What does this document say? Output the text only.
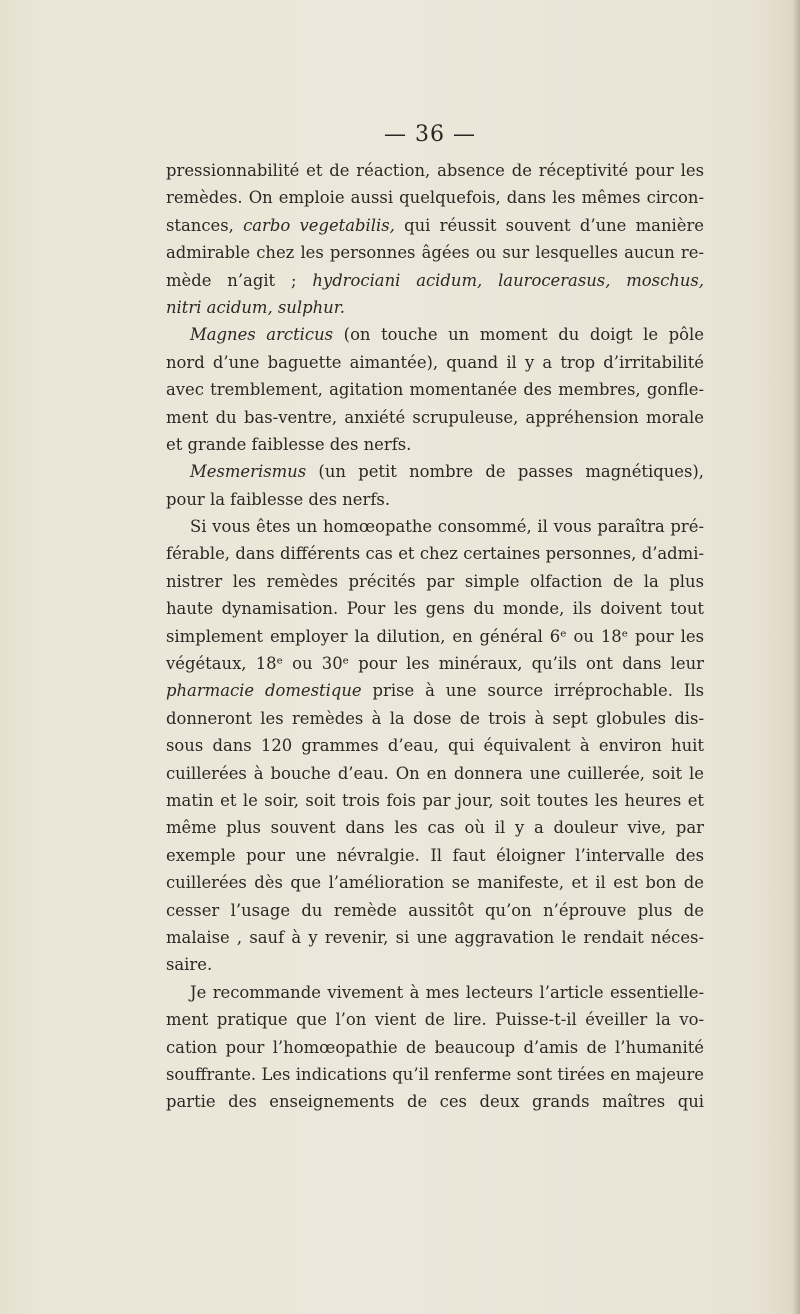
— 36 —
pressionnabilité et de réaction, absence de réceptivité pour les
remèdes. On emploie aussi quelquefois, dans les mêmes circon-
stances, carbo vegetabilis, qui réussit souvent d’une manière
admirable chez les personnes âgées ou sur lesquelles aucun re-
mède n’agit ; hydrociani acidum, laurocerasus, moschus,
nitri acidum, sulphur.
Magnes arcticus (on touche un moment du doigt le pôle
nord d’une baguette aimantée), quand il y a trop d’irritabilité
avec tremblement, agitation momentanée des membres, gonfle-
ment du bas-ventre, anxiété scrupuleuse, appréhension morale
et grande faiblesse des nerfs.
Mesmerismus (un petit nombre de passes magnétiques),
pour la faiblesse des nerfs.
Si vous êtes un homœopathe consommé, il vous paraîtra pré-
férable, dans différents cas et chez certaines personnes, d’admi-
nistrer les remèdes précités par simple olfaction de la plus
haute dynamisation. Pour les gens du monde, ils doivent tout
simplement employer la dilution, en général 6ᵉ ou 18ᵉ pour les
végétaux, 18ᵉ ou 30ᵉ pour les minéraux, qu’ils ont dans leur
pharmacie domestique prise à une source irréprochable. Ils
donneront les remèdes à la dose de trois à sept globules dis-
sous dans 120 grammes d’eau, qui équivalent à environ huit
cuillerées à bouche d’eau. On en donnera une cuillerée, soit le
matin et le soir, soit trois fois par jour, soit toutes les heures et
même plus souvent dans les cas où il y a douleur vive, par
exemple pour une névralgie. Il faut éloigner l’intervalle des
cuillerées dès que l’amélioration se manifeste, et il est bon de
cesser l’usage du remède aussitôt qu’on n’éprouve plus de
malaise , sauf à y revenir, si une aggravation le rendait néces-
saire.
Je recommande vivement à mes lecteurs l’article essentielle-
ment pratique que l’on vient de lire. Puisse-t-il éveiller la vo-
cation pour l’homœopathie de beaucoup d’amis de l’humanité
souffrante. Les indications qu’il renferme sont tirées en majeure
partie des enseignements de ces deux grands maîtres qui
